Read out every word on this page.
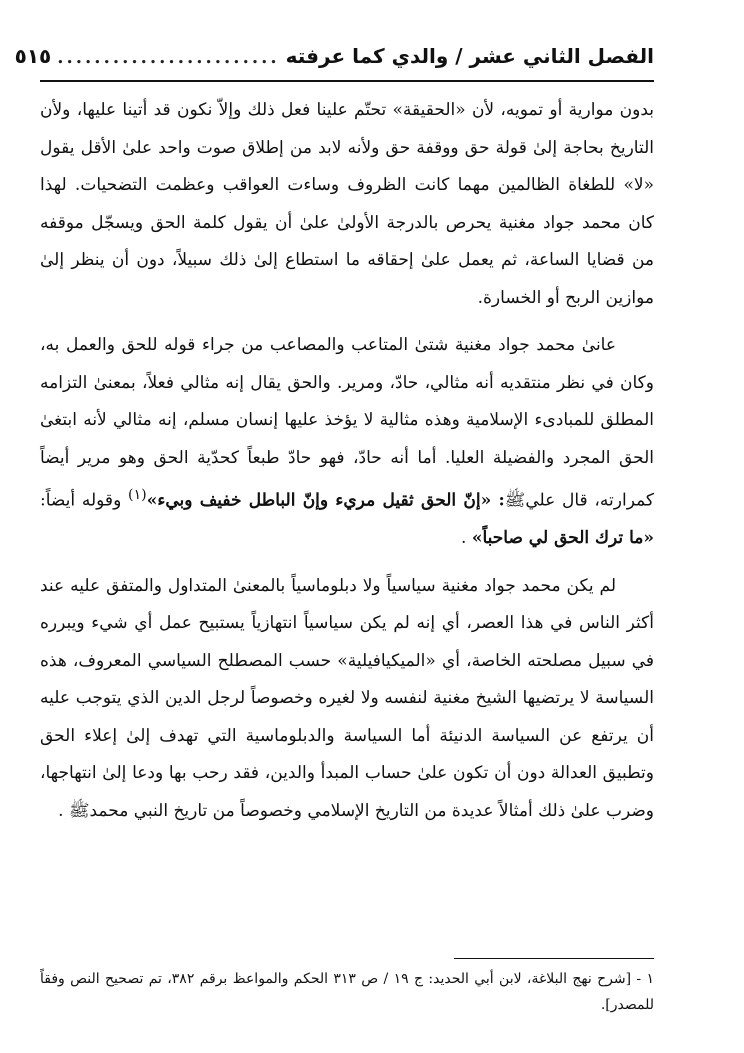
الفصل الثاني عشر / والدي كما عرفته
........................
٥١٥

بدون موارية أو تمويه، لأن «الحقيقة» تحتّم علينا فعل ذلك وإلاّ نكون قد أتينا عليها، ولأن التاريخ بحاجة إلىٰ قولة حق ووقفة حق ولأنه لابد من إطلاق صوت واحد علىٰ الأقل يقول «لا» للطغاة الظالمين مهما كانت الظروف وساءت العواقب وعظمت التضحيات. لهذا كان محمد جواد مغنية يحرص بالدرجة الأولىٰ علىٰ أن يقول كلمة الحق ويسجّل موقفه من قضايا الساعة، ثم يعمل علىٰ إحقاقه ما استطاع إلىٰ ذلك سبيلاً، دون أن ينظر إلىٰ موازين الربح أو الخسارة.

عانىٰ محمد جواد مغنية شتىٰ المتاعب والمصاعب من جراء قوله للحق والعمل به، وكان في نظر منتقديه أنه مثالي، حادّ، ومرير. والحق يقال إنه مثالي فعلاً، بمعنىٰ التزامه المطلق للمبادىء الإسلامية وهذه مثالية لا يؤخذ عليها إنسان مسلم، إنه مثالي لأنه ابتغىٰ الحق المجرد والفضيلة العليا. أما أنه حادّ، فهو حادّ طبعاً كحدّية الحق وهو مرير أيضاً كمرارته، قال عليﷺ: «إنّ الحق ثقيل مريء وإنّ الباطل خفيف وبيء»$^{(١)}$ وقوله أيضاً: «ما ترك الحق لي صاحباً» .

لم يكن محمد جواد مغنية سياسياً ولا دبلوماسياً بالمعنىٰ المتداول والمتفق عليه عند أكثر الناس في هذا العصر، أي إنه لم يكن سياسياً انتهازياً يستبيح عمل أي شيء ويبرره في سبيل مصلحته الخاصة، أي «الميكيافيلية» حسب المصطلح السياسي المعروف، هذه السياسة لا يرتضيها الشيخ مغنية لنفسه ولا لغيره وخصوصاً لرجل الدين الذي يتوجب عليه أن يرتفع عن السياسة الدنيئة أما السياسة والدبلوماسية التي تهدف إلىٰ إعلاء الحق وتطبيق العدالة دون أن تكون علىٰ حساب المبدأ والدين، فقد رحب بها ودعا إلىٰ انتهاجها، وضرب علىٰ ذلك أمثالاً عديدة من التاريخ الإسلامي وخصوصاً من تاريخ النبي محمدﷺ .

١ - [شرح نهج البلاغة، لابن أبي الحديد: ج ١٩ / ص ٣١٣ الحكم والمواعظ برقم ٣٨٢، تم تصحيح النص وفقاً للمصدر].
